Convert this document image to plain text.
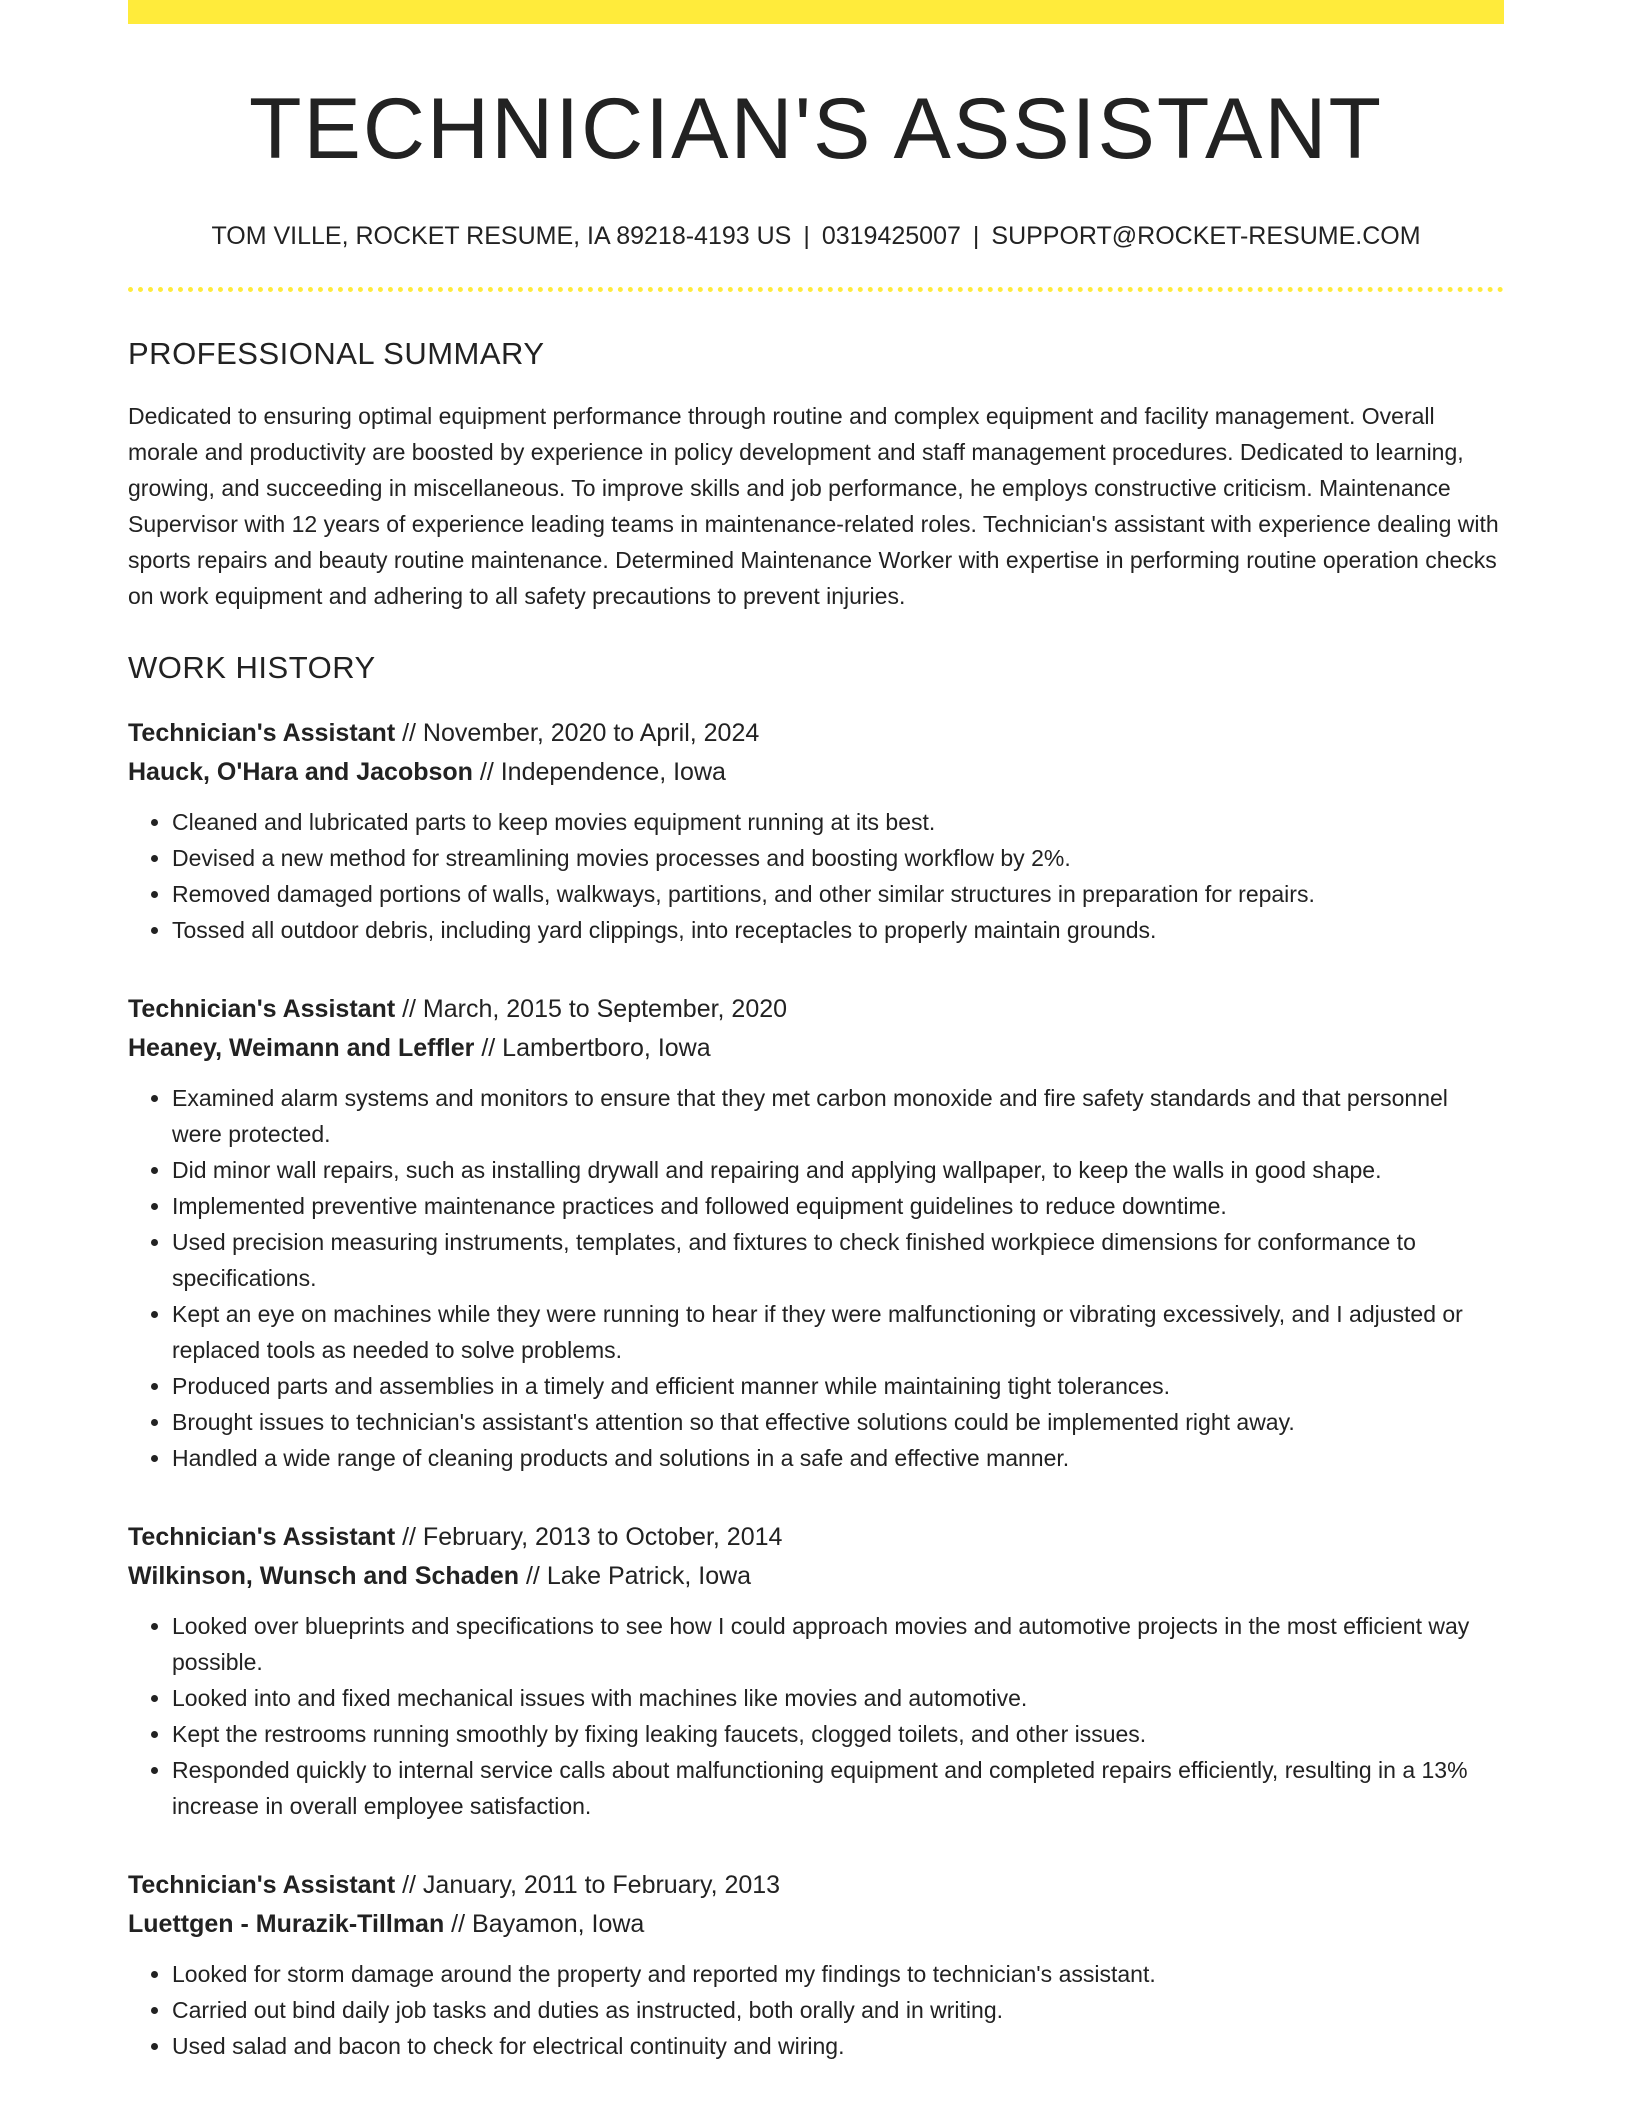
TECHNICIAN'S ASSISTANT
TOM VILLE, ROCKET RESUME, IA 89218-4193 US | 0319425007 | SUPPORT@ROCKET-RESUME.COM
PROFESSIONAL SUMMARY
Dedicated to ensuring optimal equipment performance through routine and complex equipment and facility management. Overall morale and productivity are boosted by experience in policy development and staff management procedures. Dedicated to learning, growing, and succeeding in miscellaneous. To improve skills and job performance, he employs constructive criticism. Maintenance Supervisor with 12 years of experience leading teams in maintenance-related roles. Technician's assistant with experience dealing with sports repairs and beauty routine maintenance. Determined Maintenance Worker with expertise in performing routine operation checks on work equipment and adhering to all safety precautions to prevent injuries.
WORK HISTORY
Technician's Assistant // November, 2020 to April, 2024
Hauck, O'Hara and Jacobson // Independence, Iowa
• Cleaned and lubricated parts to keep movies equipment running at its best.
• Devised a new method for streamlining movies processes and boosting workflow by 2%.
• Removed damaged portions of walls, walkways, partitions, and other similar structures in preparation for repairs.
• Tossed all outdoor debris, including yard clippings, into receptacles to properly maintain grounds.
Technician's Assistant // March, 2015 to September, 2020
Heaney, Weimann and Leffler // Lambertboro, Iowa
• Examined alarm systems and monitors to ensure that they met carbon monoxide and fire safety standards and that personnel were protected.
• Did minor wall repairs, such as installing drywall and repairing and applying wallpaper, to keep the walls in good shape.
• Implemented preventive maintenance practices and followed equipment guidelines to reduce downtime.
• Used precision measuring instruments, templates, and fixtures to check finished workpiece dimensions for conformance to specifications.
• Kept an eye on machines while they were running to hear if they were malfunctioning or vibrating excessively, and I adjusted or replaced tools as needed to solve problems.
• Produced parts and assemblies in a timely and efficient manner while maintaining tight tolerances.
• Brought issues to technician's assistant's attention so that effective solutions could be implemented right away.
• Handled a wide range of cleaning products and solutions in a safe and effective manner.
Technician's Assistant // February, 2013 to October, 2014
Wilkinson, Wunsch and Schaden // Lake Patrick, Iowa
• Looked over blueprints and specifications to see how I could approach movies and automotive projects in the most efficient way possible.
• Looked into and fixed mechanical issues with machines like movies and automotive.
• Kept the restrooms running smoothly by fixing leaking faucets, clogged toilets, and other issues.
• Responded quickly to internal service calls about malfunctioning equipment and completed repairs efficiently, resulting in a 13% increase in overall employee satisfaction.
Technician's Assistant // January, 2011 to February, 2013
Luettgen - Murazik-Tillman // Bayamon, Iowa
• Looked for storm damage around the property and reported my findings to technician's assistant.
• Carried out bind daily job tasks and duties as instructed, both orally and in writing.
• Used salad and bacon to check for electrical continuity and wiring.
